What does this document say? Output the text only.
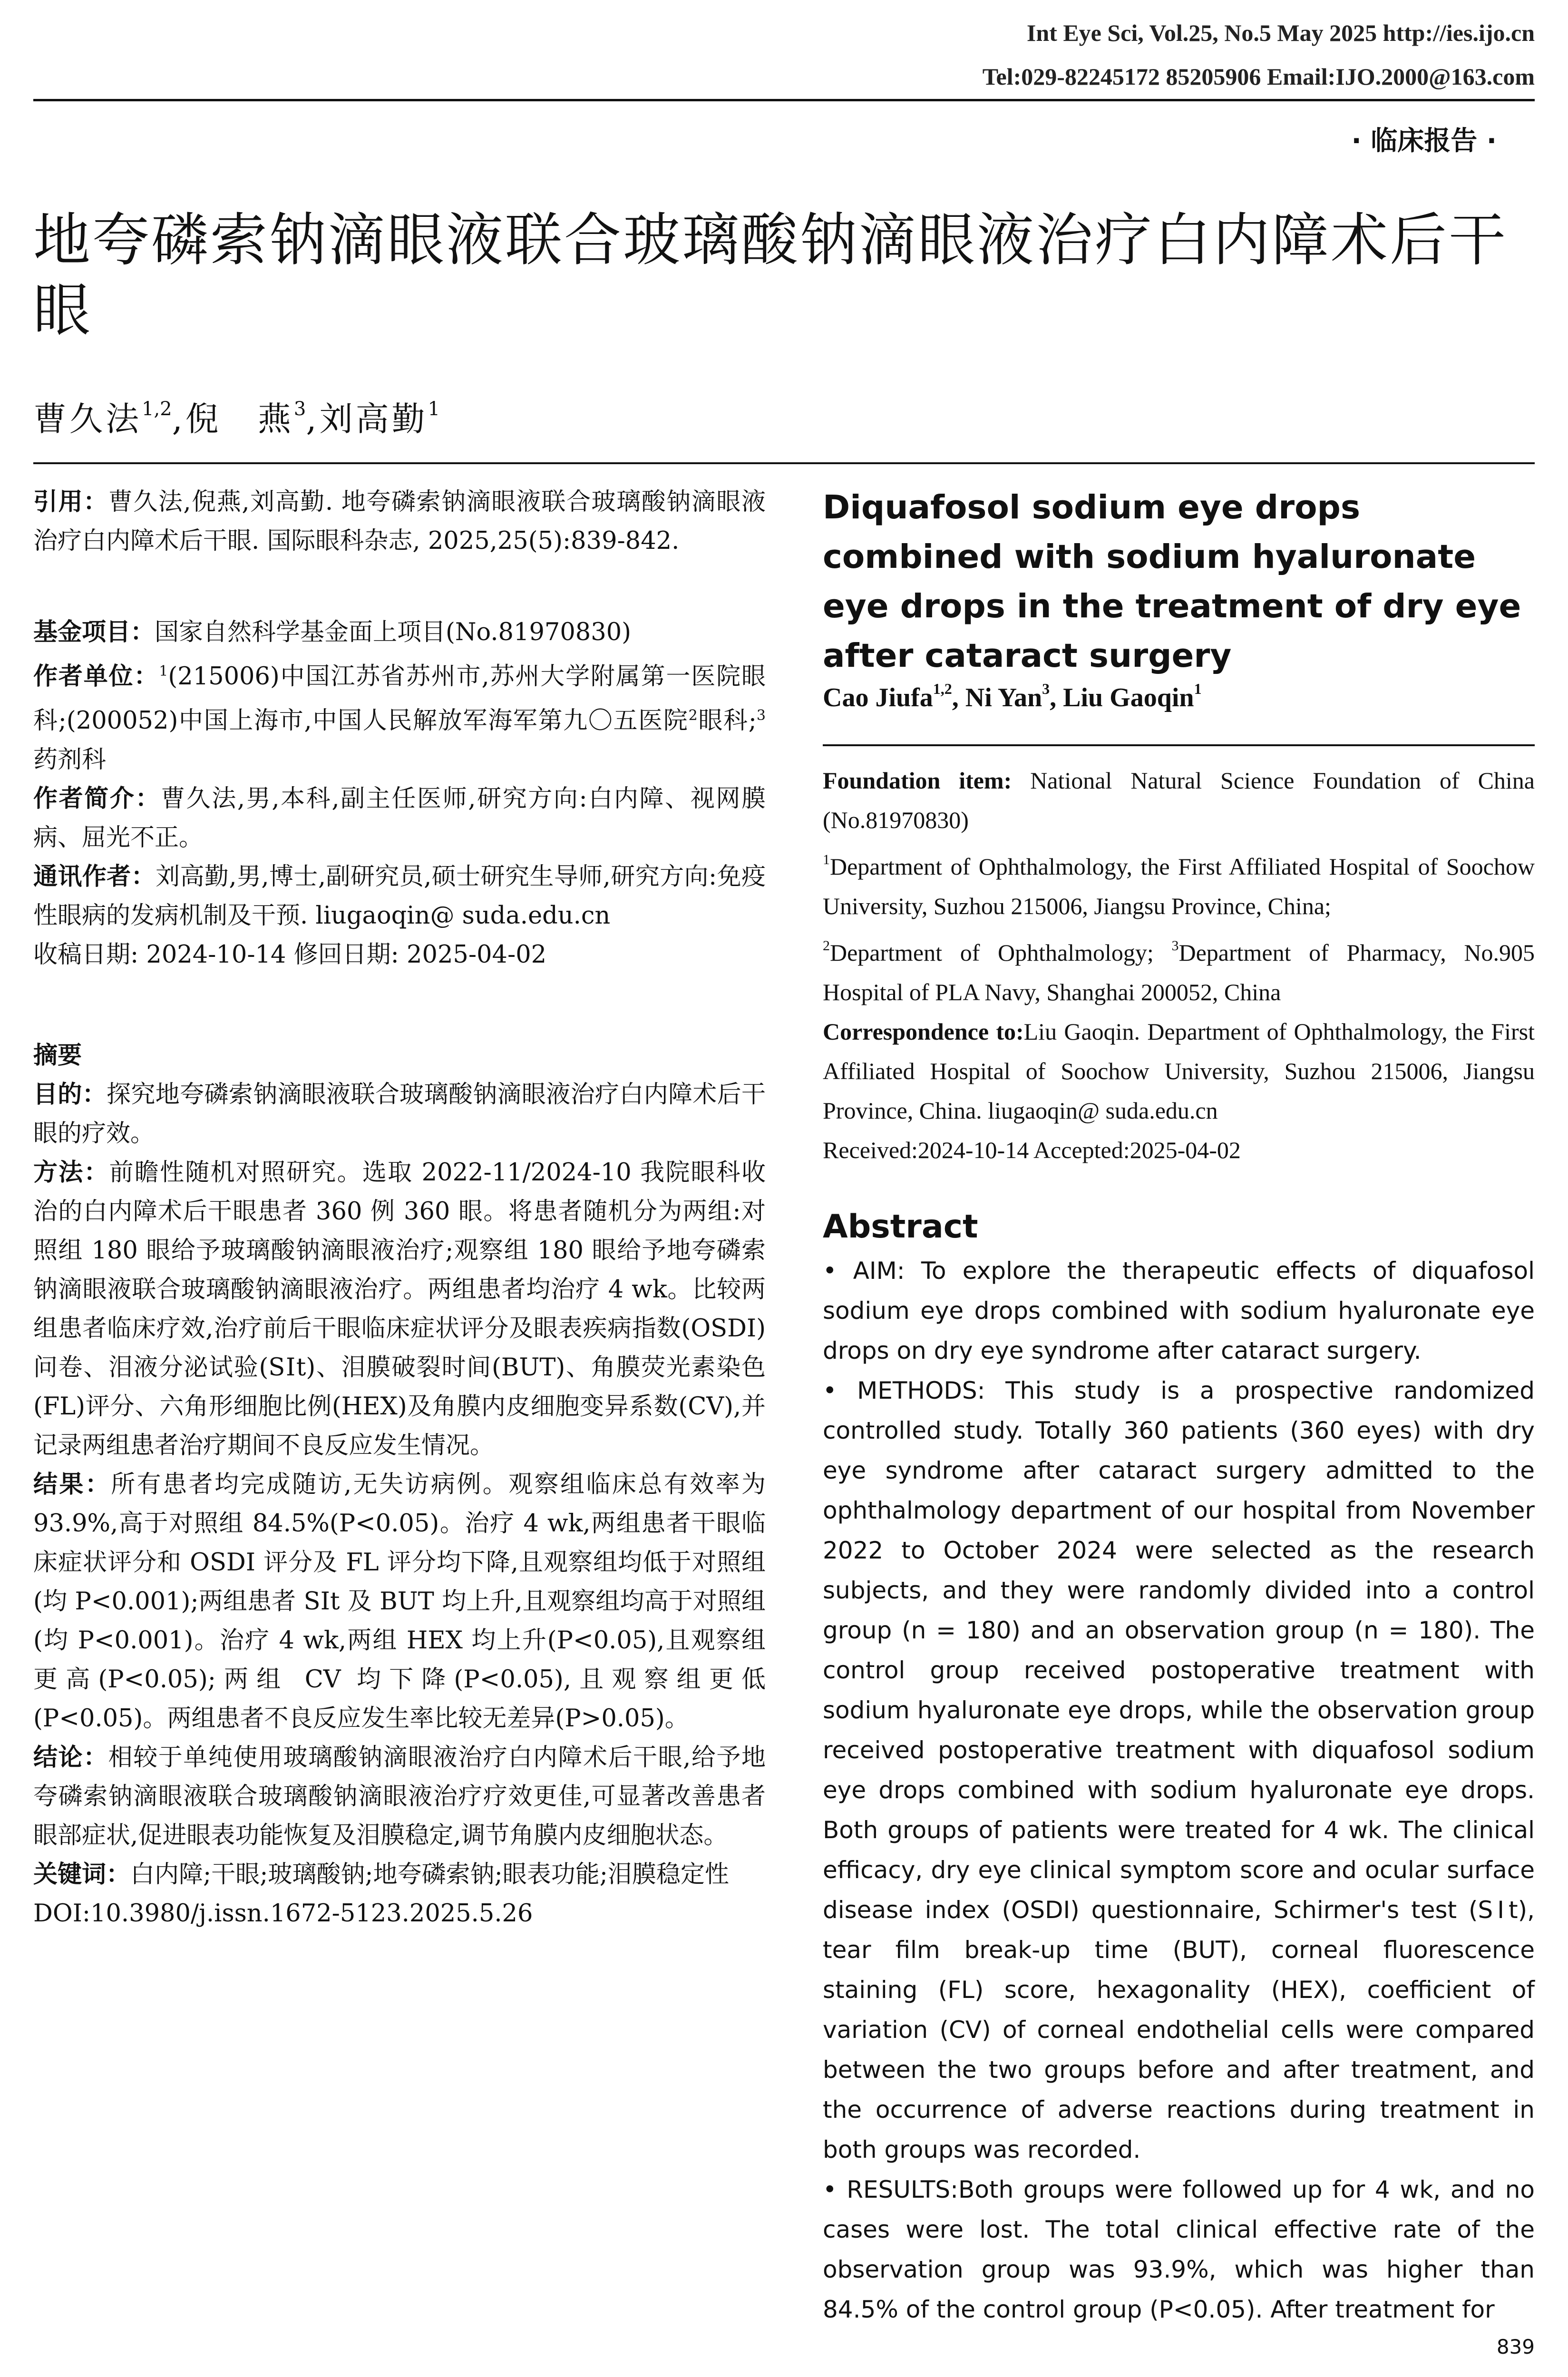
Int Eye Sci, Vol.25, No.5 May 2025 http://ies.ijo.cn
Tel:029-82245172 85205906 Email:IJO.2000@163.com
· 临床报告 ·
地夸磷索钠滴眼液联合玻璃酸钠滴眼液治疗白内障术后干眼
曹久法$^{1,2}$,倪　燕$^3$,刘高勤$^1$

引用：曹久法,倪燕,刘高勤. 地夸磷索钠滴眼液联合玻璃酸钠滴眼液治疗白内障术后干眼. 国际眼科杂志, 2025,25(5):839-842.

基金项目：国家自然科学基金面上项目(No.81970830)

作者单位：$^1$(215006)中国江苏省苏州市,苏州大学附属第一医院眼科;(200052)中国上海市,中国人民解放军海军第九〇五医院$^2$眼科;$^3$药剂科

作者简介：曹久法,男,本科,副主任医师,研究方向:白内障、视网膜病、屈光不正。

通讯作者：刘高勤,男,博士,副研究员,硕士研究生导师,研究方向:免疫性眼病的发病机制及干预. liugaoqin@ suda.edu.cn

收稿日期: 2024-10-14 修回日期: 2025-04-02

摘要

目的：探究地夸磷索钠滴眼液联合玻璃酸钠滴眼液治疗白内障术后干眼的疗效。

方法：前瞻性随机对照研究。选取 2022-11/2024-10 我院眼科收治的白内障术后干眼患者 360 例 360 眼。将患者随机分为两组:对照组 180 眼给予玻璃酸钠滴眼液治疗;观察组 180 眼给予地夸磷索钠滴眼液联合玻璃酸钠滴眼液治疗。两组患者均治疗 4 wk。比较两组患者临床疗效,治疗前后干眼临床症状评分及眼表疾病指数(OSDI)问卷、泪液分泌试验(SⅠt)、泪膜破裂时间(BUT)、角膜荧光素染色(FL)评分、六角形细胞比例(HEX)及角膜内皮细胞变异系数(CV),并记录两组患者治疗期间不良反应发生情况。

结果：所有患者均完成随访,无失访病例。观察组临床总有效率为 93.9%,高于对照组 84.5%(P<0.05)。治疗 4 wk,两组患者干眼临床症状评分和 OSDI 评分及 FL 评分均下降,且观察组均低于对照组(均 P<0.001);两组患者 SⅠt 及 BUT 均上升,且观察组均高于对照组(均 P<0.001)。治疗 4 wk,两组 HEX 均上升(P<0.05),且观察组更高(P<0.05);两组 CV 均下降(P<0.05),且观察组更低(P<0.05)。两组患者不良反应发生率比较无差异(P>0.05)。

结论：相较于单纯使用玻璃酸钠滴眼液治疗白内障术后干眼,给予地夸磷索钠滴眼液联合玻璃酸钠滴眼液治疗疗效更佳,可显著改善患者眼部症状,促进眼表功能恢复及泪膜稳定,调节角膜内皮细胞状态。

关键词：白内障;干眼;玻璃酸钠;地夸磷索钠;眼表功能;泪膜稳定性

DOI:10.3980/j.issn.1672-5123.2025.5.26

Diquafosol sodium eye drops combined with sodium hyaluronate eye drops in the treatment of dry eye after cataract surgery
Cao Jiufa$^{1,2}$, Ni Yan$^3$, Liu Gaoqin$^1$

Foundation item: National Natural Science Foundation of China (No.81970830)

$^1$Department of Ophthalmology, the First Affiliated Hospital of Soochow University, Suzhou 215006, Jiangsu Province, China;

$^2$Department of Ophthalmology; $^3$Department of Pharmacy, No.905 Hospital of PLA Navy, Shanghai 200052, China

Correspondence to:Liu Gaoqin. Department of Ophthalmology, the First Affiliated Hospital of Soochow University, Suzhou 215006, Jiangsu Province, China. liugaoqin@ suda.edu.cn

Received:2024-10-14 Accepted:2025-04-02

Abstract

• AIM: To explore the therapeutic effects of diquafosol sodium eye drops combined with sodium hyaluronate eye drops on dry eye syndrome after cataract surgery.

• METHODS: This study is a prospective randomized controlled study. Totally 360 patients (360 eyes) with dry eye syndrome after cataract surgery admitted to the ophthalmology department of our hospital from November 2022 to October 2024 were selected as the research subjects, and they were randomly divided into a control group (n = 180) and an observation group (n = 180). The control group received postoperative treatment with sodium hyaluronate eye drops, while the observation group received postoperative treatment with diquafosol sodium eye drops combined with sodium hyaluronate eye drops. Both groups of patients were treated for 4 wk. The clinical efficacy, dry eye clinical symptom score and ocular surface disease index (OSDI) questionnaire, Schirmer's test (SⅠt), tear film break-up time (BUT), corneal fluorescence staining (FL) score, hexagonality (HEX), coefficient of variation (CV) of corneal endothelial cells were compared between the two groups before and after treatment, and the occurrence of adverse reactions during treatment in both groups was recorded.

• RESULTS:Both groups were followed up for 4 wk, and no cases were lost. The total clinical effective rate of the observation group was 93.9%, which was higher than 84.5% of the control group (P<0.05). After treatment for

839
